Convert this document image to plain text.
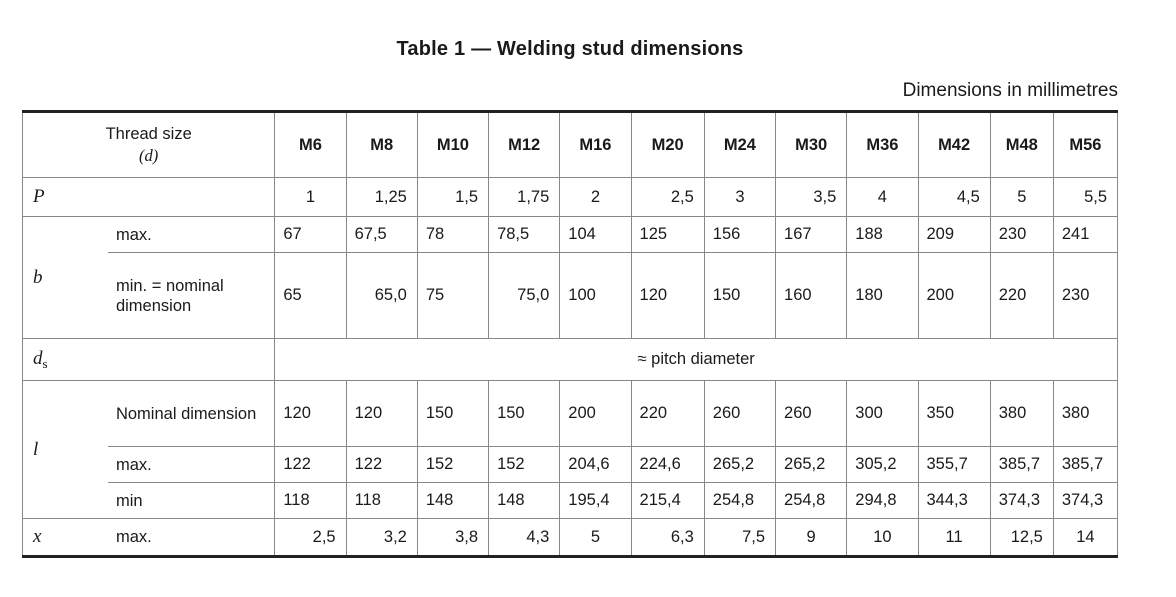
Table 1 — Welding stud dimensions
Dimensions in millimetres
Thread size
(d)		M6	M8	M10	M12	M16	M20	M24	M30	M36	M42	M48	M56
P		1	1,25	1,5	1,75	2	2,5	3	3,5	4	4,5	5	5,5
b	max.	67	67,5	78	78,5	104	125	156	167	188	209	230	241
	min. = nominal dimension	65	65,0	75	75,0	100	120	150	160	180	200	220	230
$d_s$		≈ pitch diameter											
l	Nominal dimension	120	120	150	150	200	220	260	260	300	350	380	380
	max.	122	122	152	152	204,6	224,6	265,2	265,2	305,2	355,7	385,7	385,7
	min	118	118	148	148	195,4	215,4	254,8	254,8	294,8	344,3	374,3	374,3
x	max.	2,5	3,2	3,8	4,3	5	6,3	7,5	9	10	11	12,5	14
